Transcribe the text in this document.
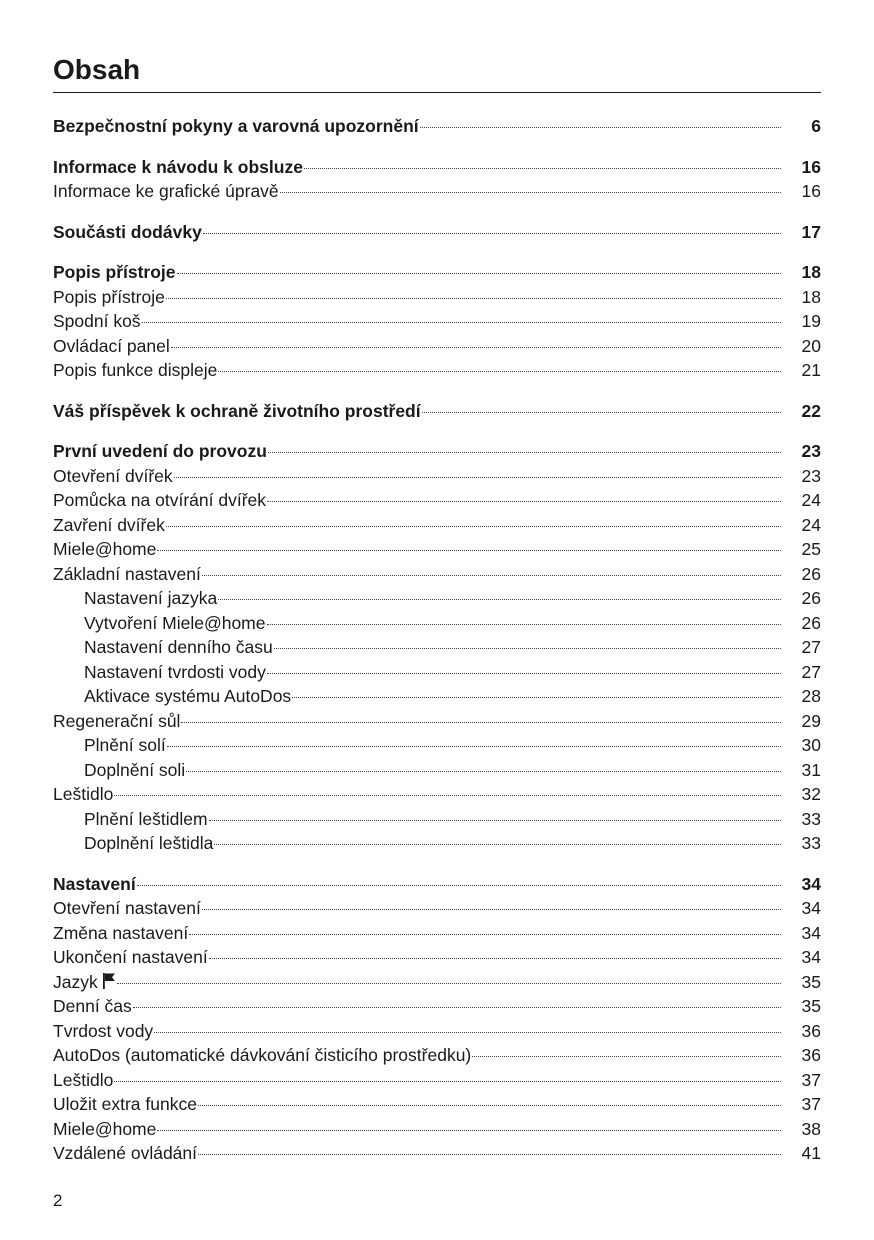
Obsah
Bezpečnostní pokyny a varovná upozornění	6
Informace k návodu k obsluze	16
Informace ke grafické úpravě	16
Součásti dodávky	17
Popis přístroje	18
Popis přístroje	18
Spodní koš	19
Ovládací panel	20
Popis funkce displeje	21
Váš příspěvek k ochraně životního prostředí	22
První uvedení do provozu	23
Otevření dvířek	23
Pomůcka na otvírání dvířek	24
Zavření dvířek	24
Miele@home	25
Základní nastavení	26
Nastavení jazyka	26
Vytvoření Miele@home	26
Nastavení denního času	27
Nastavení tvrdosti vody	27
Aktivace systému AutoDos	28
Regenerační sůl	29
Plnění solí	30
Doplnění soli	31
Leštidlo	32
Plnění leštidlem	33
Doplnění leštidla	33
Nastavení	34
Otevření nastavení	34
Změna nastavení	34
Ukončení nastavení	34
Jazyk	35
Denní čas	35
Tvrdost vody	36
AutoDos (automatické dávkování čisticího prostředku)	36
Leštidlo	37
Uložit extra funkce	37
Miele@home	38
Vzdálené ovládání	41

2
